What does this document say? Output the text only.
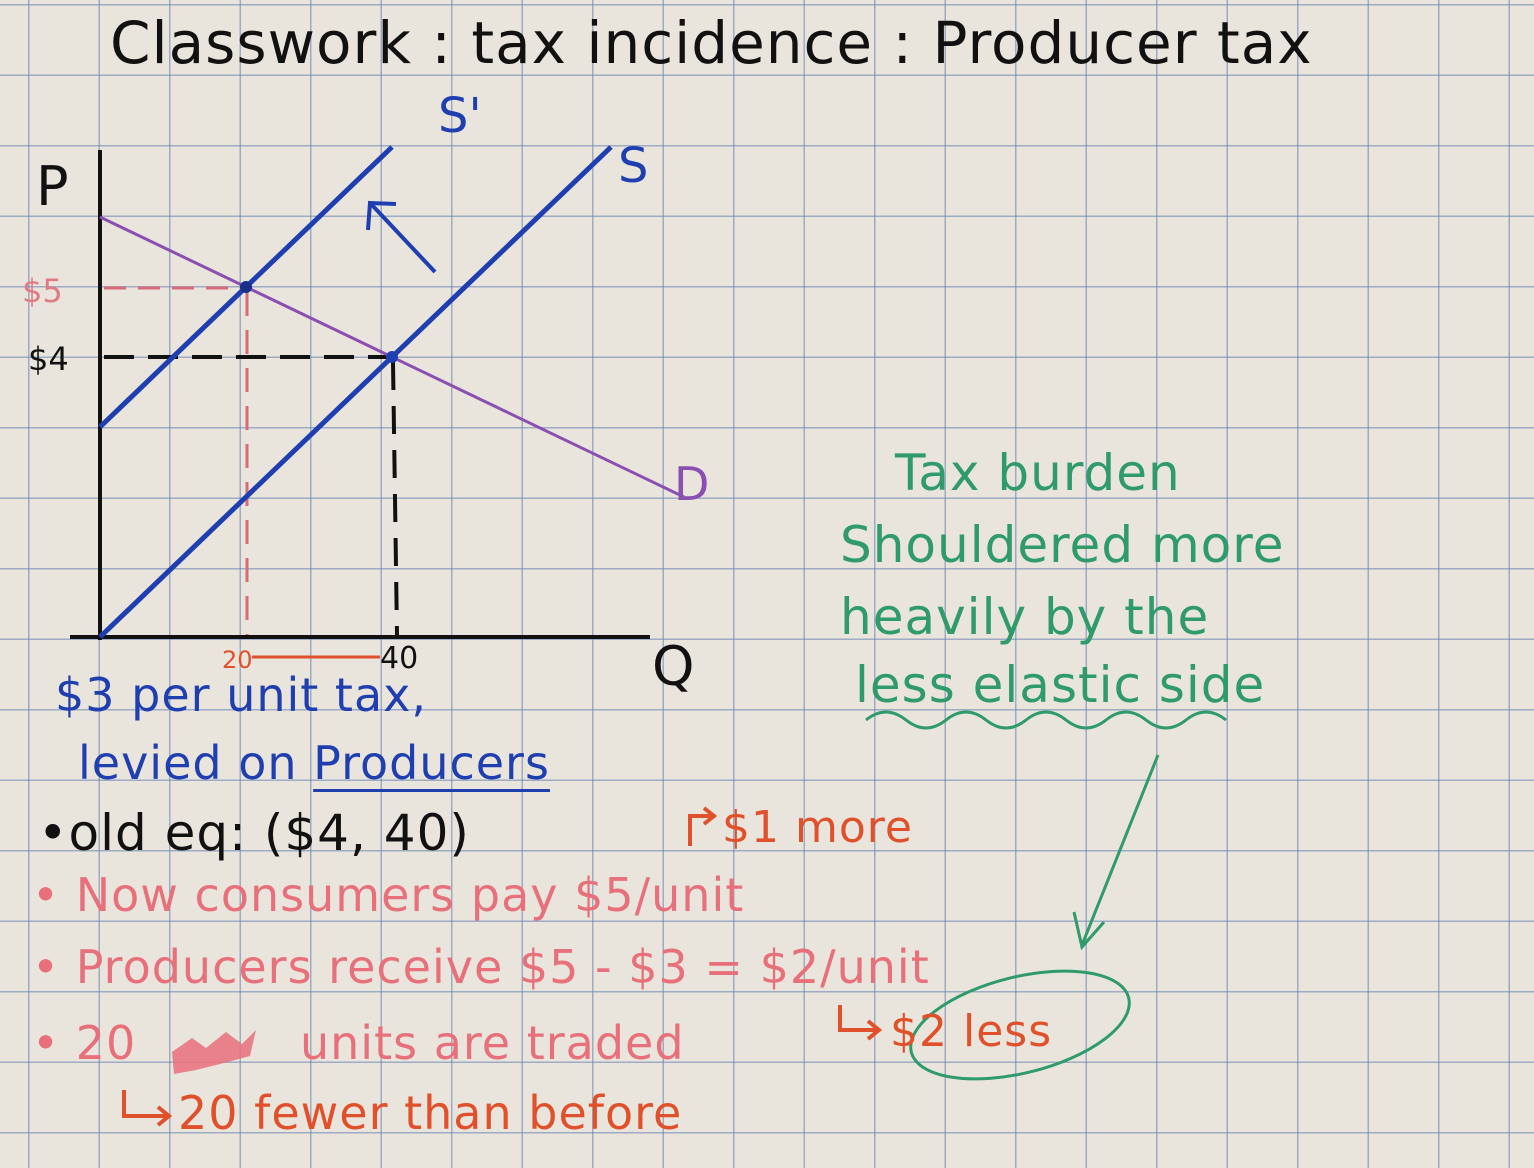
Classwork : tax incidence : Producer tax
P
Q
S'
S
D
$5
$4
20	40
$3 per unit tax,
levied on Producers
•old eq: ($4, 40)	$1 more
• Now consumers pay $5/unit
• Producers receive $5 - $3 = $2/unit
$2 less
• 20	units are traded
20 fewer than before
Tax burden
Shouldered more
heavily by the
less elastic side
